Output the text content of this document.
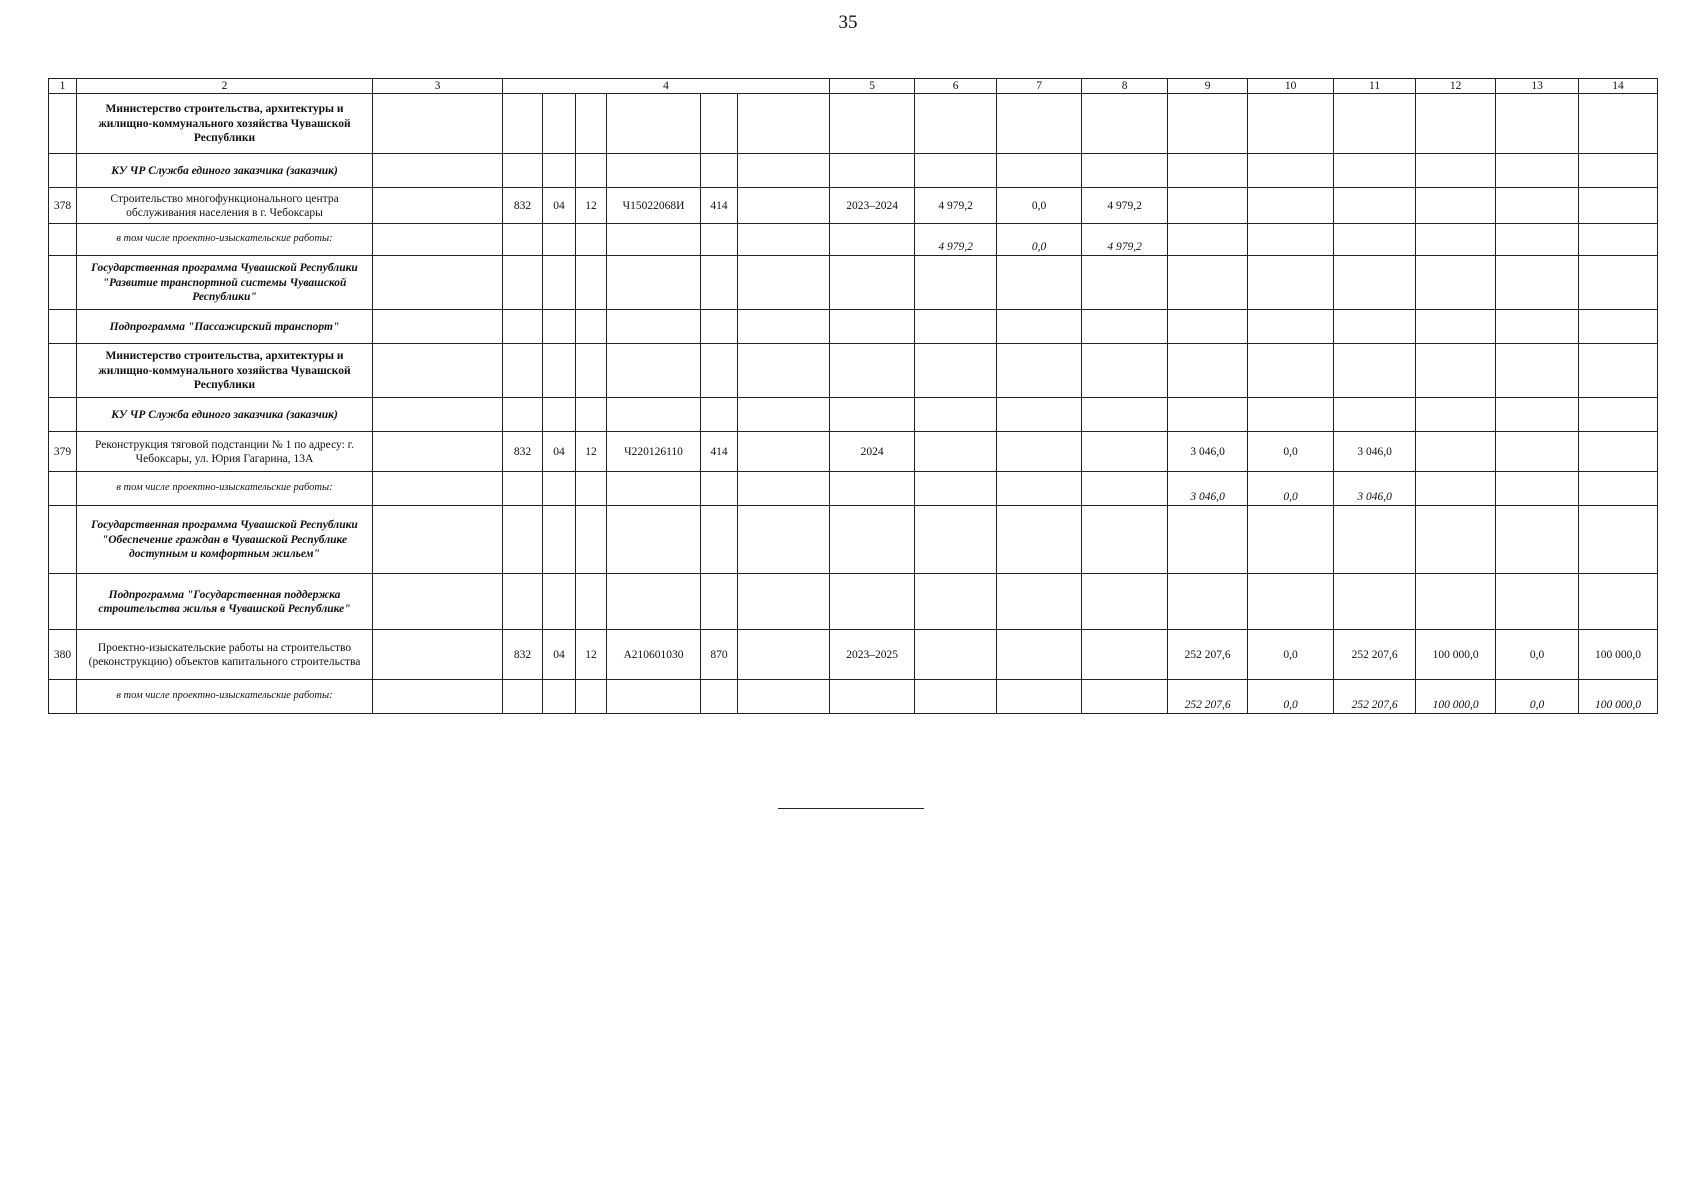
35
1	2	3	4						5	6	7	8	9	10	11	12	13	14
	Министерство строительства, архитектуры и жилищно-коммунального хозяйства Чувашской Республики																	
	КУ ЧР Служба единого заказчика (заказчик)																	
378	Строительство многофункционального центра обслуживания населения в г. Чебоксары		832	04	12	Ч15022068И	414		2023–2024	4 979,2	0,0	4 979,2						
	в том числе проектно-изыскательские работы:									4 979,2	0,0	4 979,2						
	Государственная программа Чувашской Республики "Развитие транспортной системы Чувашской Республики"																	
	Подпрограмма "Пассажирский транспорт"																	
	Министерство строительства, архитектуры и жилищно-коммунального хозяйства Чувашской Республики																	
	КУ ЧР Служба единого заказчика (заказчик)																	
379	Реконструкция тяговой подстанции № 1 по адресу: г. Чебоксары, ул. Юрия Гагарина, 13А		832	04	12	Ч220126110	414		2024				3 046,0	0,0	3 046,0			
	в том числе проектно-изыскательские работы:												3 046,0	0,0	3 046,0			
	Государственная программа Чувашской Республики "Обеспечение граждан в Чувашской Республике доступным и комфортным жильем"																	
	Подпрограмма "Государственная поддержка строительства жилья в Чувашской Республике"																	
380	Проектно-изыскательские работы на строительство (реконструкцию) объектов капитального строительства		832	04	12	А210601030	870		2023–2025				252 207,6	0,0	252 207,6	100 000,0	0,0	100 000,0
	в том числе проектно-изыскательские работы:												252 207,6	0,0	252 207,6	100 000,0	0,0	100 000,0
